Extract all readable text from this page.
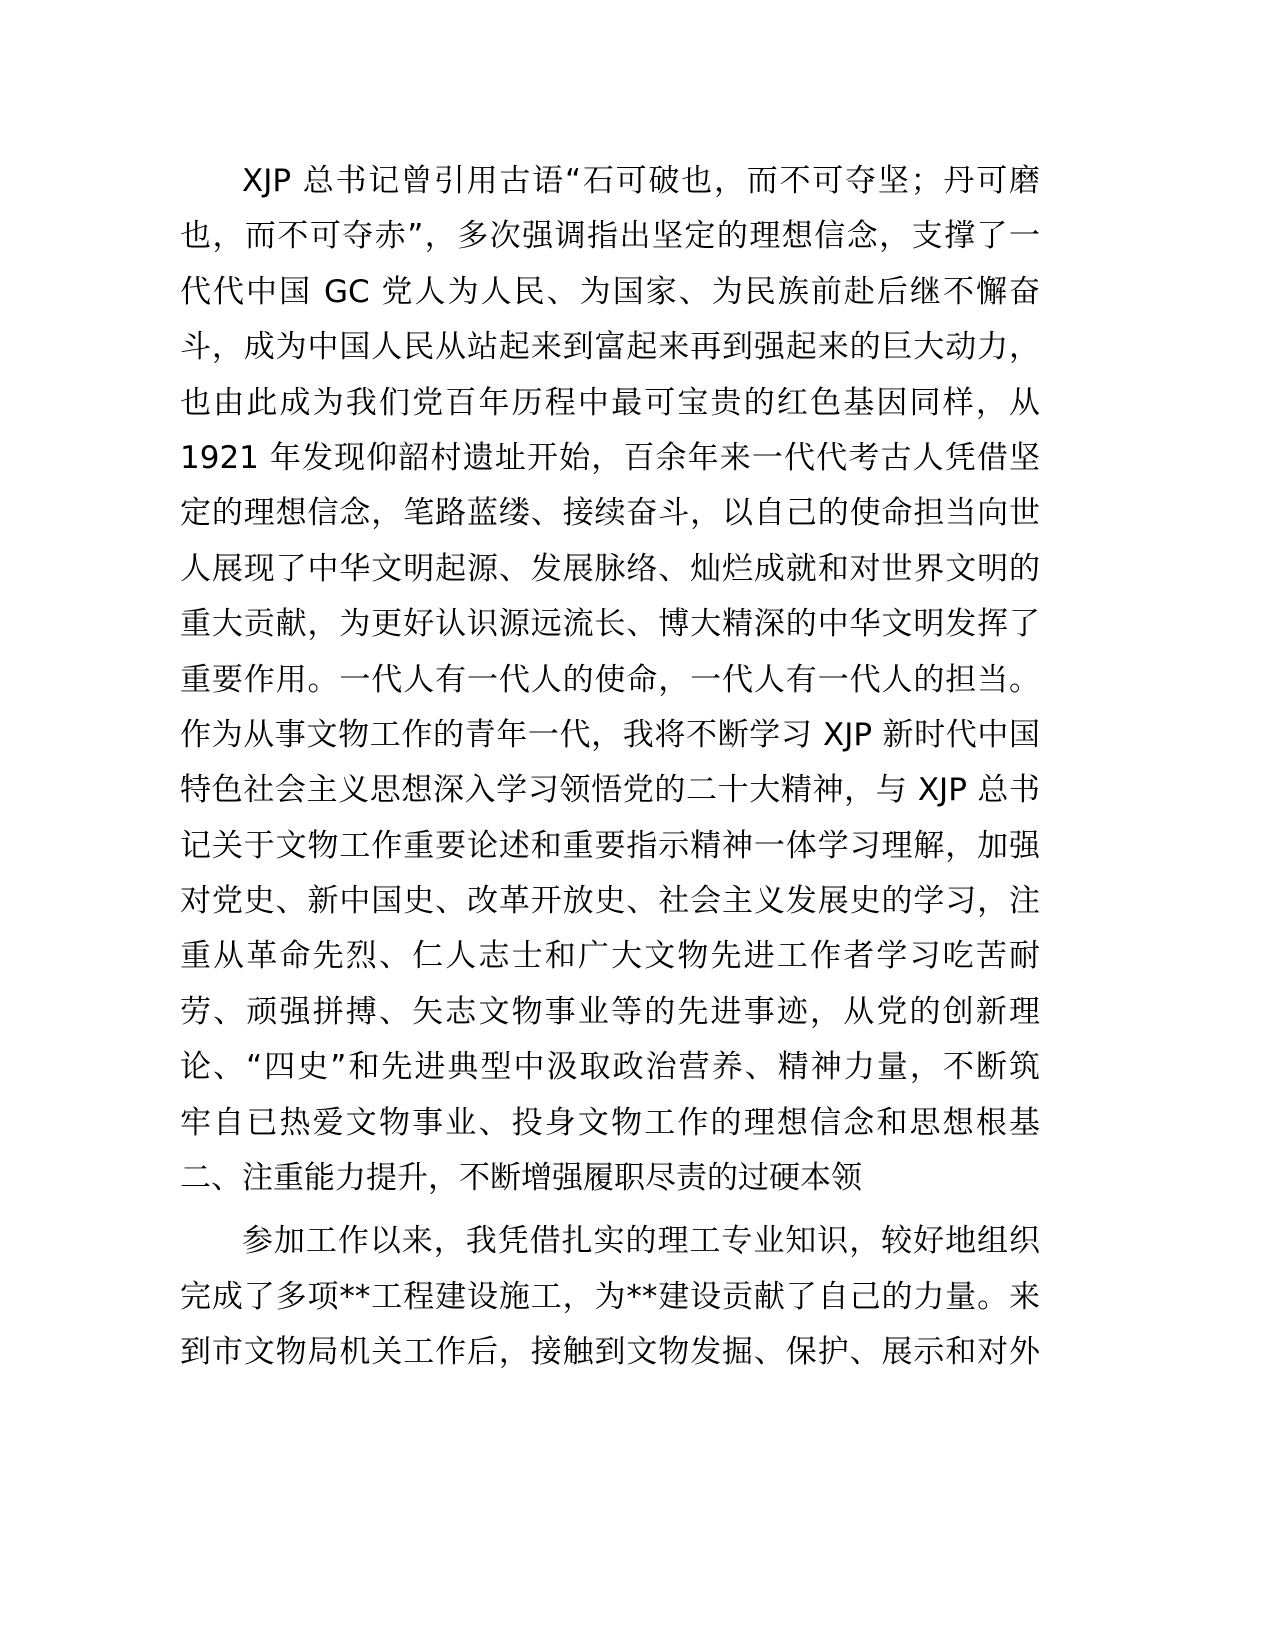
XJP 总书记曾引用古语“石可破也，而不可夺坚；丹可磨
也，而不可夺赤”，多次强调指出坚定的理想信念，支撑了一
代代中国 GC 党人为人民、为国家、为民族前赴后继不懈奋
斗，成为中国人民从站起来到富起来再到强起来的巨大动力，
也由此成为我们党百年历程中最可宝贵的红色基因同样，从
1921 年发现仰韶村遗址开始，百余年来一代代考古人凭借坚
定的理想信念，笔路蓝缕、接续奋斗，以自己的使命担当向世
人展现了中华文明起源、发展脉络、灿烂成就和对世界文明的
重大贡献，为更好认识源远流长、博大精深的中华文明发挥了
重要作用。一代人有一代人的使命，一代人有一代人的担当。
作为从事文物工作的青年一代，我将不断学习 XJP 新时代中国
特色社会主义思想深入学习领悟党的二十大精神，与 XJP 总书
记关于文物工作重要论述和重要指示精神一体学习理解，加强
对党史、新中国史、改革开放史、社会主义发展史的学习，注
重从革命先烈、仁人志士和广大文物先进工作者学习吃苦耐
劳、顽强拼搏、矢志文物事业等的先进事迹，从党的创新理
论、“四史”和先进典型中汲取政治营养、精神力量，不断筑
牢自已热爱文物事业、投身文物工作的理想信念和思想根基
二、注重能力提升，不断增强履职尽责的过硬本领
参加工作以来，我凭借扎实的理工专业知识，较好地组织
完成了多项**工程建设施工，为**建设贡献了自己的力量。来
到市文物局机关工作后，接触到文物发掘、保护、展示和对外
